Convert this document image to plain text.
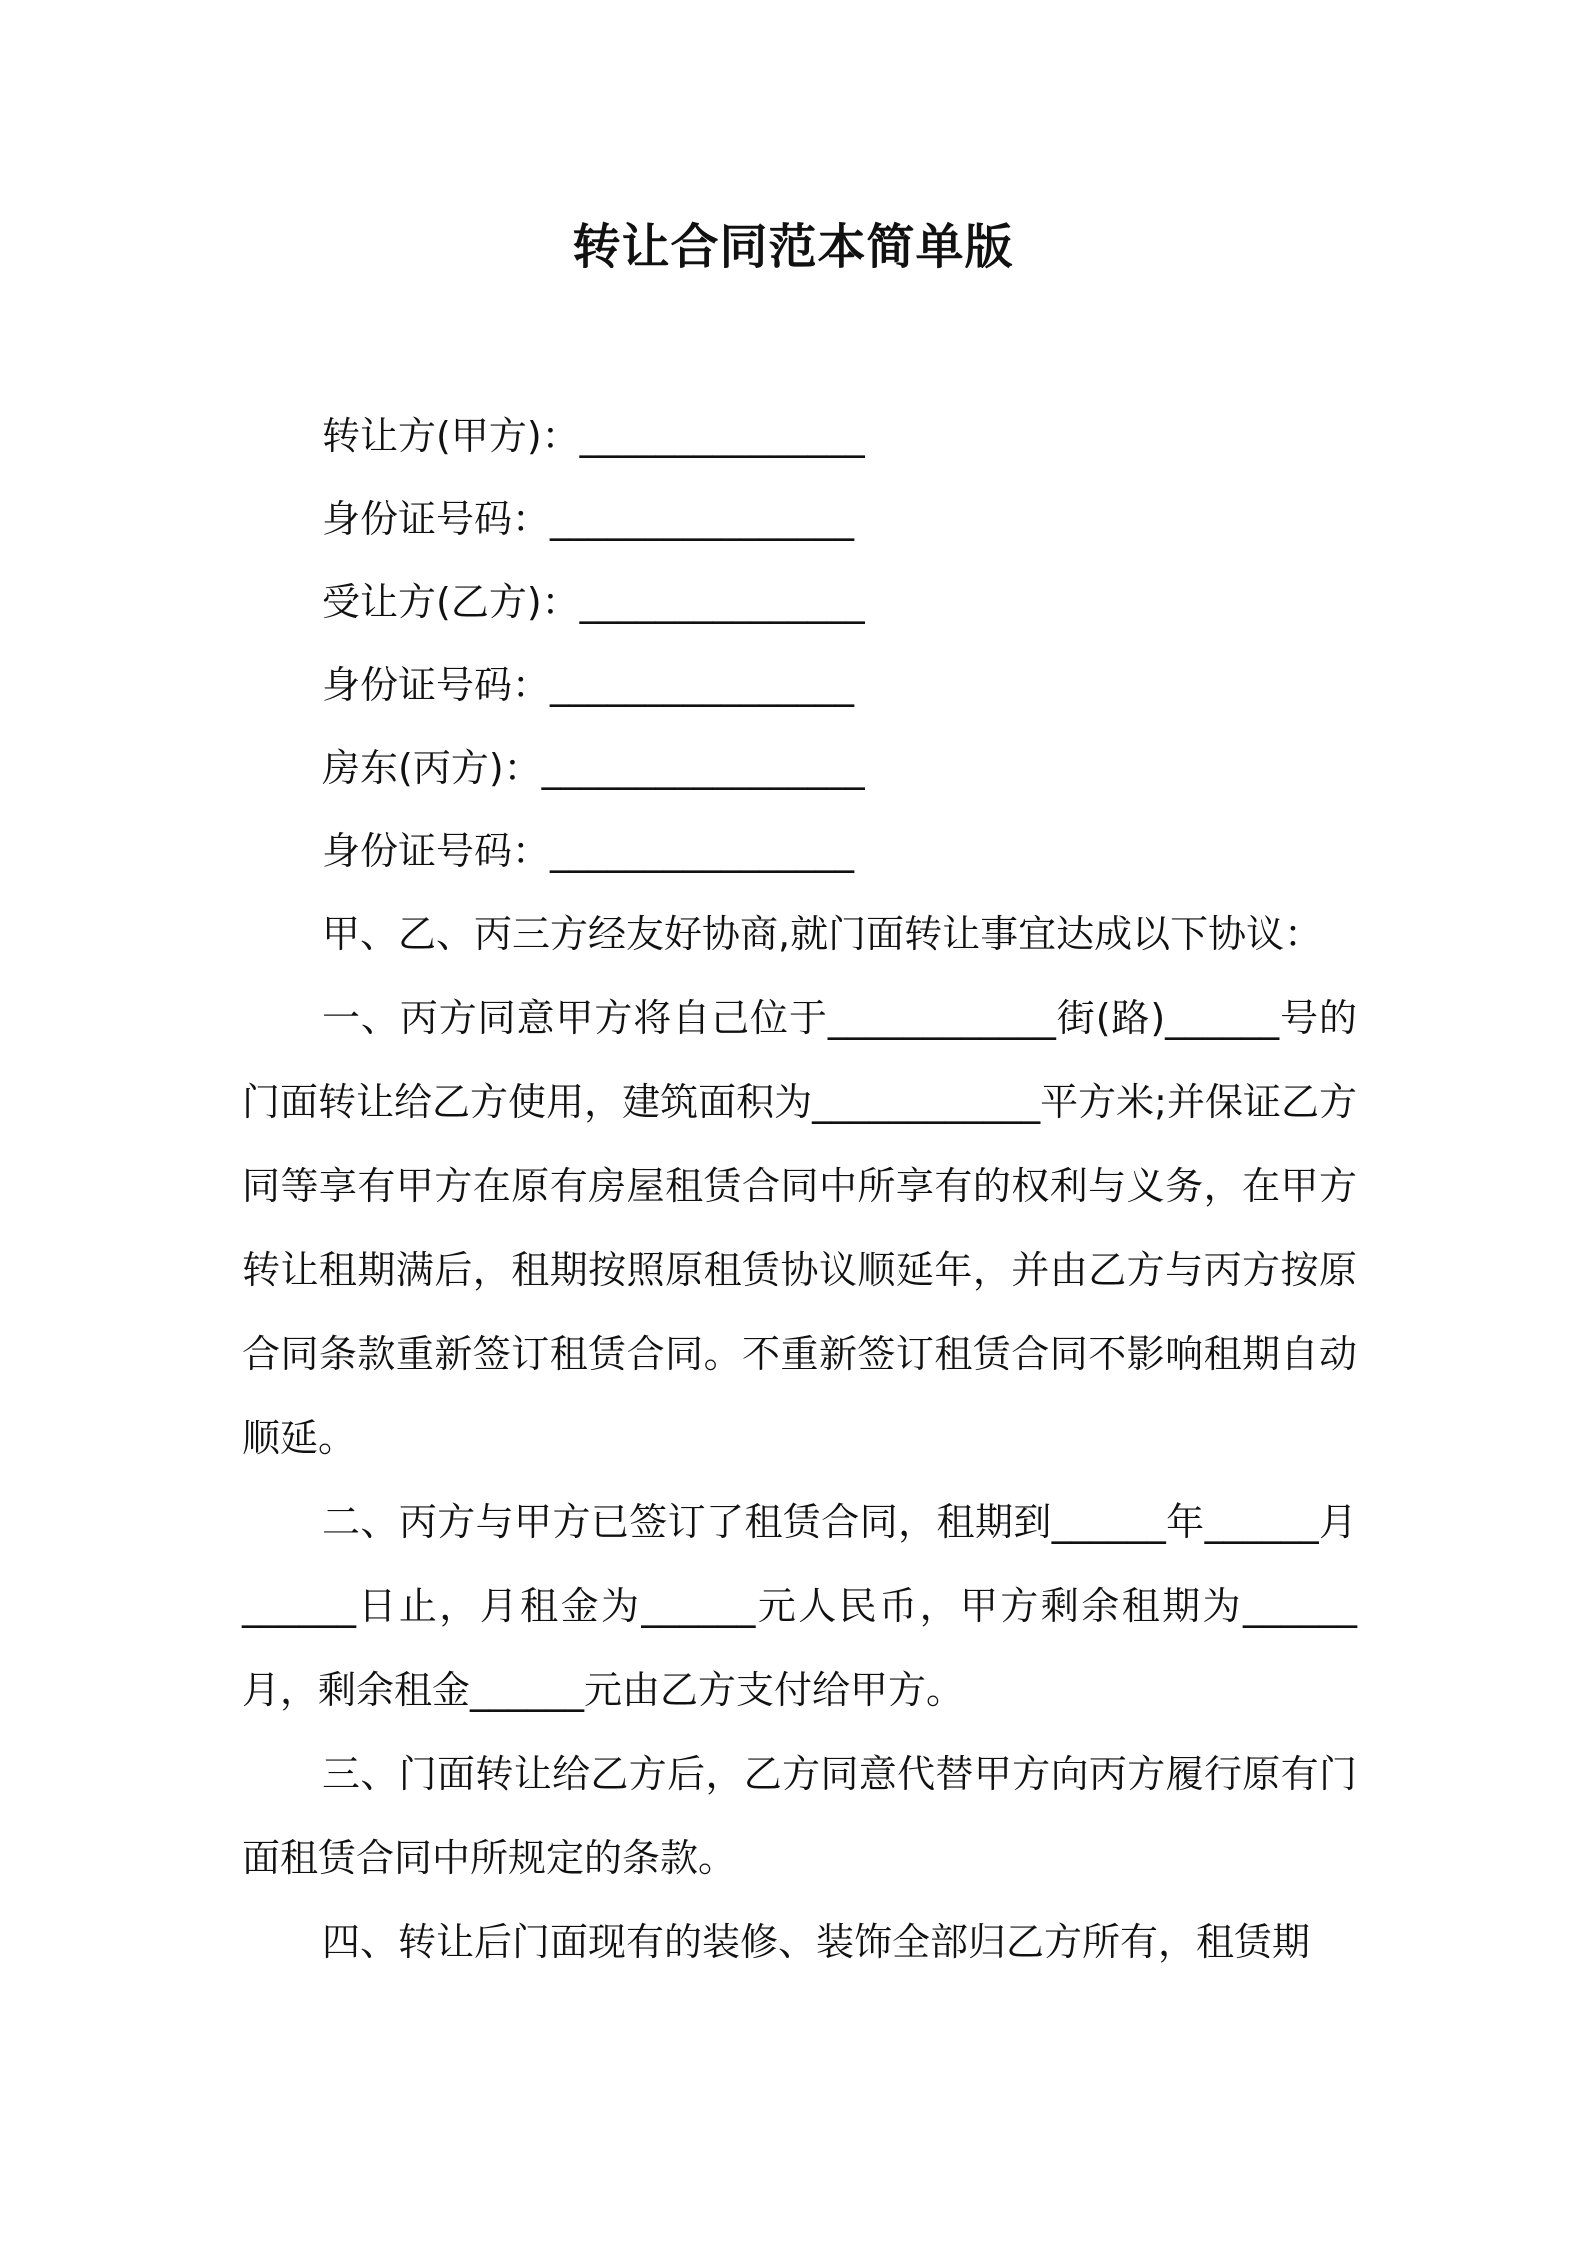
转让合同范本简单版
转让方(甲方)：_______________
身份证号码：________________
受让方(乙方)：_______________
身份证号码：________________
房东(丙方)：_________________
身份证号码：________________
甲、乙、丙三方经友好协商,就门面转让事宜达成以下协议：
一、丙方同意甲方将自己位于____________街(路)______号的门面转让给乙方使用，建筑面积为____________平方米;并保证乙方同等享有甲方在原有房屋租赁合同中所享有的权利与义务，在甲方转让租期满后，租期按照原租赁协议顺延年，并由乙方与丙方按原合同条款重新签订租赁合同。不重新签订租赁合同不影响租期自动顺延。
二、丙方与甲方已签订了租赁合同，租期到______年______月______日止，月租金为______元人民币，甲方剩余租期为______月，剩余租金______元由乙方支付给甲方。
三、门面转让给乙方后，乙方同意代替甲方向丙方履行原有门面租赁合同中所规定的条款。
四、转让后门面现有的装修、装饰全部归乙方所有，租赁期
